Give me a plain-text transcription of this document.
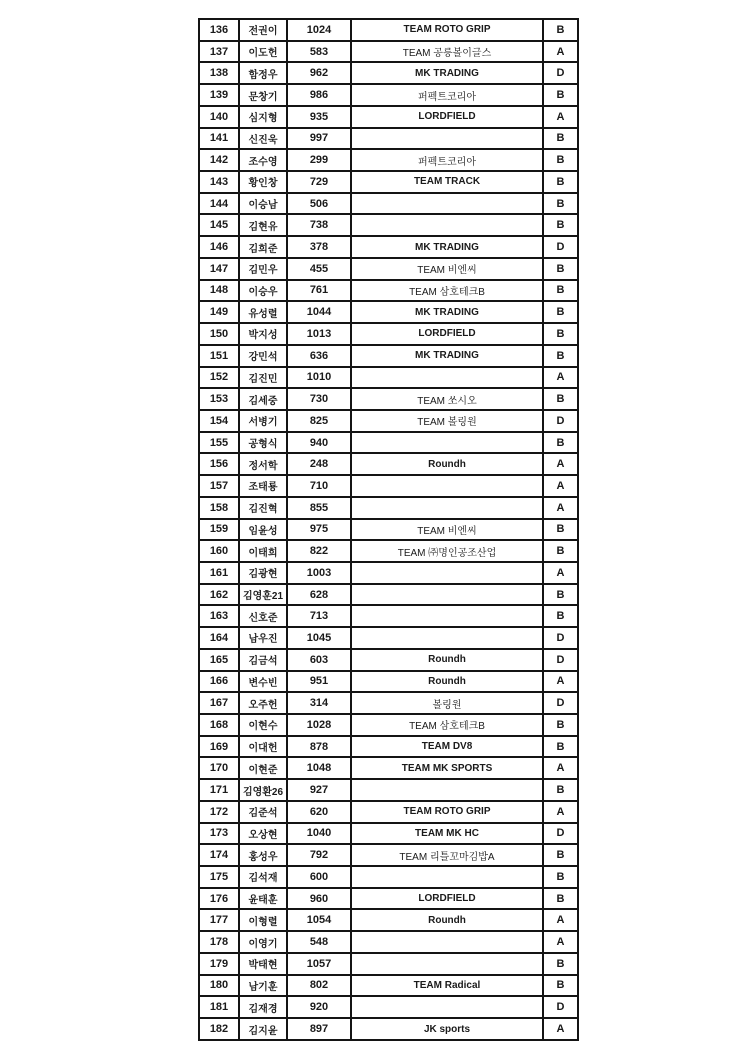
136	전권이	1024	TEAM ROTO GRIP	B
137	이도헌	583	TEAM 공릉볼이글스	A
138	함정우	962	MK TRADING	D
139	문창기	986	퍼펙트코리아	B
140	심지형	935	LORDFIELD	A
141	신진욱	997		B
142	조수영	299	퍼펙트코리아	B
143	황인창	729	TEAM TRACK	B
144	이승남	506		B
145	김현유	738		B
146	김희준	378	MK TRADING	D
147	김민우	455	TEAM 비엔씨	B
148	이승우	761	TEAM 삼호테크B	B
149	유성렬	1044	MK TRADING	B
150	박지성	1013	LORDFIELD	B
151	강민석	636	MK TRADING	B
152	김진민	1010		A
153	김세중	730	TEAM 쏘시오	B
154	서병기	825	TEAM 볼링원	D
155	공형식	940		B
156	정서학	248	Roundh	A
157	조태룡	710		A
158	김진혁	855		A
159	임윤성	975	TEAM 비엔씨	B
160	이태희	822	TEAM ㈜명인공조산업	B
161	김광현	1003		A
162	김영훈21	628		B
163	신호준	713		B
164	남우진	1045		D
165	김금석	603	Roundh	D
166	변수빈	951	Roundh	A
167	오주헌	314	볼링원	D
168	이현수	1028	TEAM 삼호테크B	B
169	이대헌	878	TEAM DV8	B
170	이현준	1048	TEAM MK SPORTS	A
171	김영환26	927		B
172	김준석	620	TEAM ROTO GRIP	A
173	오상현	1040	TEAM MK HC	D
174	홍성우	792	TEAM 리틀꼬마김밥A	B
175	김석재	600		B
176	윤태훈	960	LORDFIELD	B
177	이형렬	1054	Roundh	A
178	이영기	548		A
179	박태현	1057		B
180	남기훈	802	TEAM Radical	B
181	김재경	920		D
182	김지윤	897	JK sports	A
